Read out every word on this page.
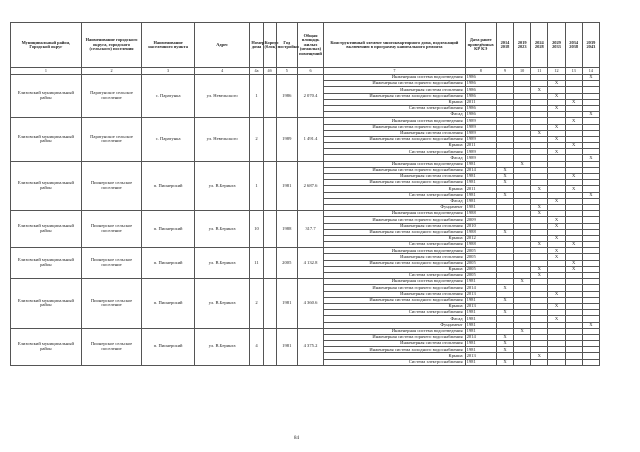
Муниципальный район, Городской округ	Наименование городского округа, городского (сельского) поселения	Наименование населенного пункта	Адрес	Номер дома	Корпус (блок)	Год постройки	Общая площадь жилых (нежилых) помещений	Конструктивный элемент многоквартирного дома, подлежащий включению в программу капитального ремонта	Дата ранее проведённых КР КЭ	2014 2018	2019 2023	2024 2028	2029 2033	2034 2038	2039 2043
1	2	3	4	4а	4б	5	6	7	8	9	10	11	12	13	14
Елизовский муниципальный район	Паратунское сельское поселение	с. Паратунка	ул. Невельского	1		1986	2 070.4	Инженерная система водоотведения	1986						X
								Инженерная система горячего водоснабжения	1986				X		
								Инженерная система отопления	1986			X			
								Инженерная система холодного водоснабжения	1986				X		
								Крыша	2011					X	
								Система электроснабжения	1986				X		
								Фасад	1986						X
Елизовский муниципальный район	Паратунское сельское поселение	с. Паратунка	ул. Невельского	2		1989	1 491.4	Инженерная система водоотведения	1989					X	
								Инженерная система горячего водоснабжения	1989				X		
								Инженерная система отопления	1989			X			
								Инженерная система холодного водоснабжения	1989				X		
								Крыша	2011					X	
								Система электроснабжения	1989				X		
								Фасад	1989						X
Елизовский муниципальный район	Пионерское сельское поселение	п. Пионерский	ул. В.Беринга	1		1981	2 687.6	Инженерная система водоотведения	1981		X				
								Инженерная система горячего водоснабжения	2014	X					
								Инженерная система отопления	1981	X				X	
								Инженерная система холодного водоснабжения	1981	X					
								Крыша	2011			X		X	
								Система электроснабжения	1981	X					X
								Фасад	1981				X		
								Фундамент	1981			X			
Елизовский муниципальный район	Пионерское сельское поселение	п. Пионерский	ул. В.Беринга	10		1988	317.7	Инженерная система водоотведения	1988			X			
								Инженерная система горячего водоснабжения	2009				X		
								Инженерная система отопления	2010				X		
								Инженерная система холодного водоснабжения	1988	X					
								Крыша	2012				X		
								Система электроснабжения	1988			X		X	
Елизовский муниципальный район	Пионерское сельское поселение	п. Пионерский	ул. В.Беринга	11		2005	4 132.8	Инженерная система водоотведения	2005				X		
								Инженерная система отопления	2005				X		
								Инженерная система холодного водоснабжения	2005					X	
								Крыша	2005			X		X	
								Система электроснабжения	2005			X			
Елизовский муниципальный район	Пионерское сельское поселение	п. Пионерский	ул. В.Беринга	2		1981	4 360.6	Инженерная система водоотведения	1981		X				
								Инженерная система горячего водоснабжения	2014	X					
								Инженерная система отопления	2013				X		
								Инженерная система холодного водоснабжения	1981	X					
								Крыша	2013				X		
								Система электроснабжения	1981	X					
								Фасад	1981				X		
								Фундамент	1981						X
Елизовский муниципальный район	Пионерское сельское поселение	п. Пионерский	ул. В.Беринга	4		1981	4 375.2	Инженерная система водоотведения	1981		X				
								Инженерная система горячего водоснабжения	2014	X					
								Инженерная система отопления	1981	X					
								Инженерная система холодного водоснабжения	1981	X					
								Крыша	2013			X			
								Система электроснабжения	1981	X					
84
